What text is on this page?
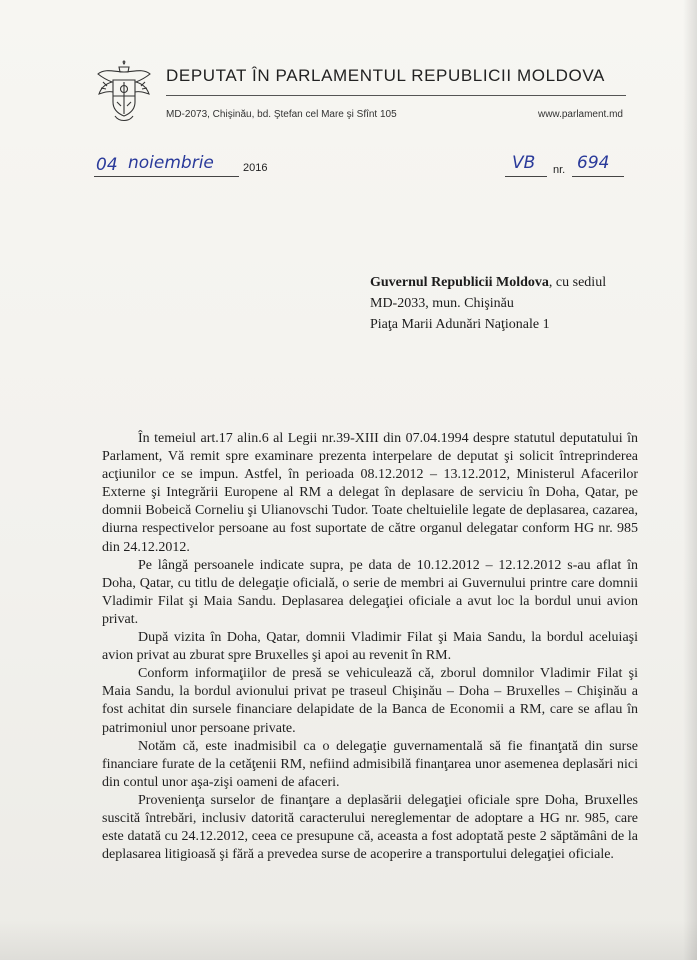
DEPUTAT ÎN PARLAMENTUL REPUBLICII MOLDOVA
MD-2073, Chişinău, bd. Ştefan cel Mare şi Sfînt 105	www.parlament.md
04 noiembrie	2016	VB nr. 694
Guvernul Republicii Moldova, cu sediul
MD-2033, mun. Chişinău
Piaţa Marii Adunări Naţionale 1

În temeiul art.17 alin.6 al Legii nr.39-XIII din 07.04.1994 despre statutul deputatului în Parlament, Vă remit spre examinare prezenta interpelare de deputat şi solicit întreprinderea acţiunilor ce se impun. Astfel, în perioada 08.12.2012 – 13.12.2012, Ministerul Afacerilor Externe şi Integrării Europene al RM a delegat în deplasare de serviciu în Doha, Qatar, pe domnii Bobeică Corneliu şi Ulianovschi Tudor. Toate cheltuielile legate de deplasarea, cazarea, diurna respectivelor persoane au fost suportate de către organul delegatar conform HG nr. 985 din 24.12.2012.

Pe lângă persoanele indicate supra, pe data de 10.12.2012 – 12.12.2012 s-au aflat în Doha, Qatar, cu titlu de delegaţie oficială, o serie de membri ai Guvernului printre care domnii Vladimir Filat şi Maia Sandu. Deplasarea delegaţiei oficiale a avut loc la bordul unui avion privat.

După vizita în Doha, Qatar, domnii Vladimir Filat şi Maia Sandu, la bordul aceluiaşi avion privat au zburat spre Bruxelles şi apoi au revenit în RM.

Conform informaţiilor de presă se vehiculează că, zborul domnilor Vladimir Filat şi Maia Sandu, la bordul avionului privat pe traseul Chişinău – Doha – Bruxelles – Chişinău a fost achitat din sursele financiare delapidate de la Banca de Economii a RM, care se aflau în patrimoniul unor persoane private.

Notăm că, este inadmisibil ca o delegaţie guvernamentală să fie finanţată din surse financiare furate de la cetăţenii RM, nefiind admisibilă finanţarea unor asemenea deplasări nici din contul unor aşa-zişi oameni de afaceri.

Provenienţa surselor de finanţare a deplasării delegaţiei oficiale spre Doha, Bruxelles suscită întrebări, inclusiv datorită caracterului nereglementar de adoptare a HG nr. 985, care este datată cu 24.12.2012, ceea ce presupune că, aceasta a fost adoptată peste 2 săptămâni de la deplasarea litigioasă şi fără a prevedea surse de acoperire a transportului delegaţiei oficiale.
